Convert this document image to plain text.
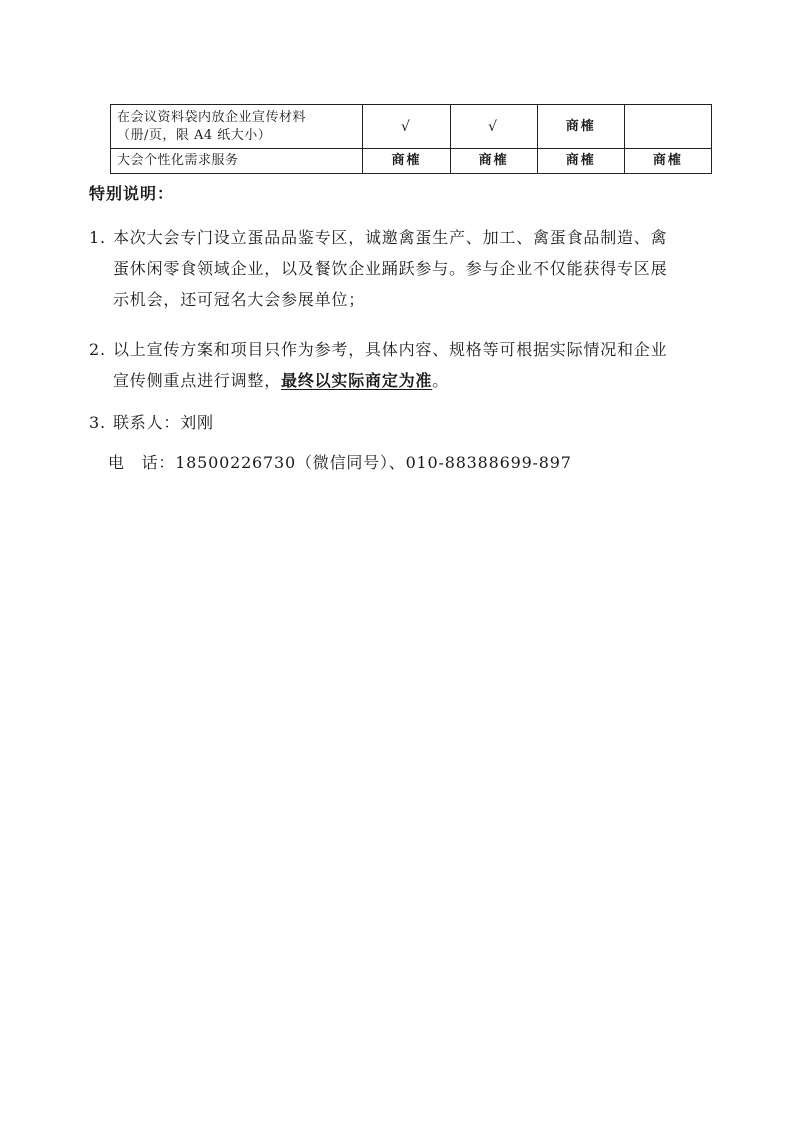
在会议资料袋内放企业宣传材料
（册/页，限 A4 纸大小）	√	√	商榷	
大会个性化需求服务	商榷	商榷	商榷	商榷

特别说明：

1. 本次大会专门设立蛋品品鉴专区，诚邀禽蛋生产、加工、禽蛋食品制造、禽
蛋休闲零食领域企业，以及餐饮企业踊跃参与。参与企业不仅能获得专区展
示机会，还可冠名大会参展单位；
2. 以上宣传方案和项目只作为参考，具体内容、规格等可根据实际情况和企业
宣传侧重点进行调整，最终以实际商定为准。
3. 联系人：刘刚
电　话：18500226730（微信同号）、010-88388699-897
